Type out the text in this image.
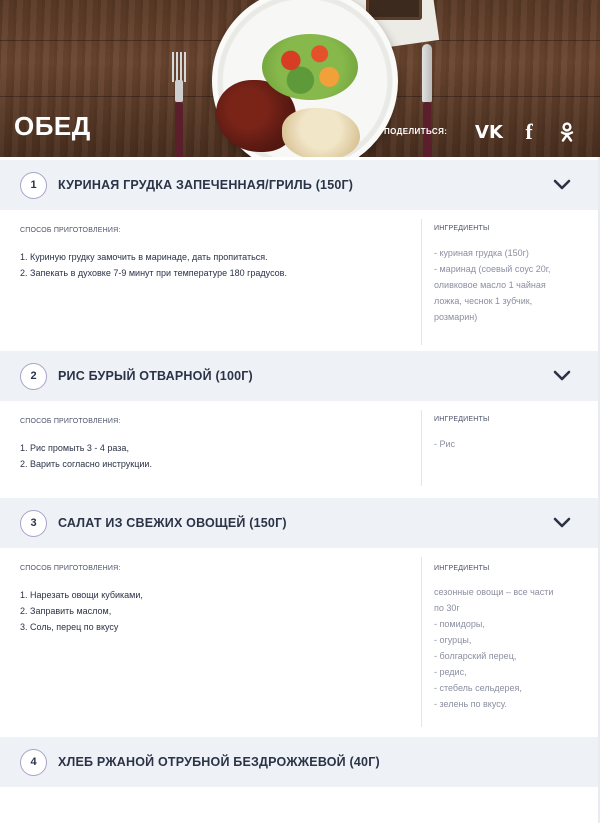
ОБЕД	ПОДЕЛИТЬСЯ: VK f
1	КУРИНАЯ ГРУДКА ЗАПЕЧЕННАЯ/ГРИЛЬ (150Г)
СПОСОБ ПРИГОТОВЛЕНИЯ:
1. Куриную грудку замочить в маринаде, дать пропитаться.
2. Запекать в духовке 7-9 минут при температуре 180 градусов.
ИНГРЕДИЕНТЫ
- куриная грудка (150г)
- маринад (соевый соус 20г,
оливковое масло 1 чайная
ложка, чеснок 1 зубчик,
розмарин)
2	РИС БУРЫЙ ОТВАРНОЙ (100Г)
СПОСОБ ПРИГОТОВЛЕНИЯ:
1. Рис промыть 3 - 4 раза,
2. Варить согласно инструкции.
ИНГРЕДИЕНТЫ
- Рис
3	САЛАТ ИЗ СВЕЖИХ ОВОЩЕЙ (150Г)
СПОСОБ ПРИГОТОВЛЕНИЯ:
1. Нарезать овощи кубиками,
2. Заправить маслом,
3. Соль, перец по вкусу
ИНГРЕДИЕНТЫ
сезонные овощи – все части
по 30г
- помидоры,
- огурцы,
- болгарский перец,
- редис,
- стебель сельдерея,
- зелень по вкусу.
4	ХЛЕБ РЖАНОЙ ОТРУБНОЙ БЕЗДРОЖЖЕВОЙ (40Г)
